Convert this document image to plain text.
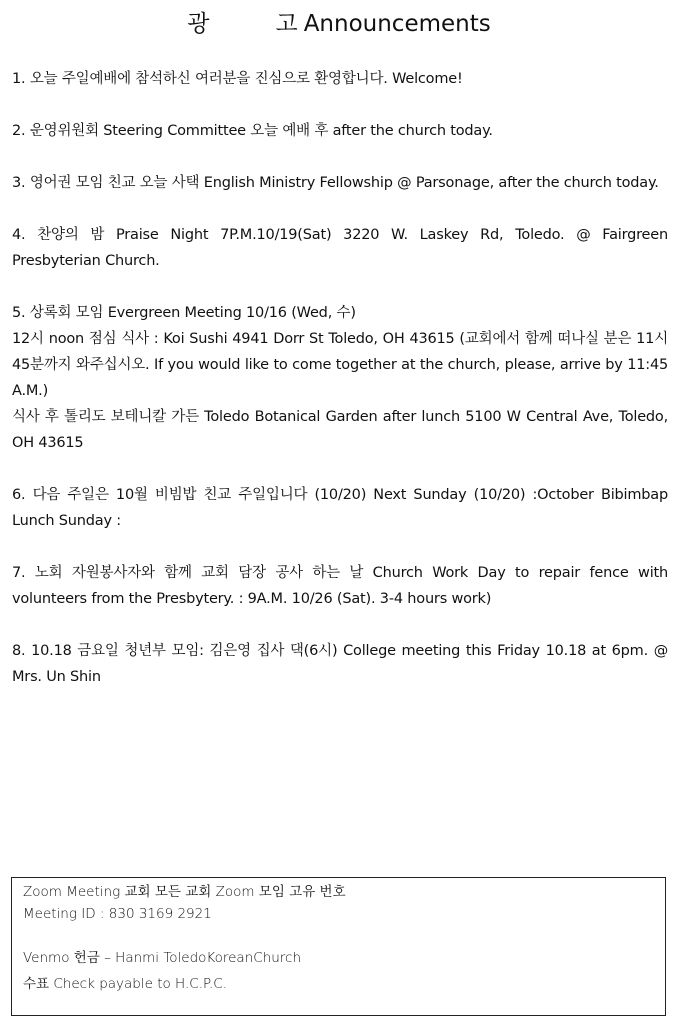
광	고 Announcements

1. 오늘 주일예배에 참석하신 여러분을 진심으로 환영합니다. Welcome!

2. 운영위원회 Steering Committee 오늘 예배 후 after the church today.

3. 영어권 모임 친교 오늘 사택 English Ministry Fellowship @ Parsonage, after the church today.

4. 찬양의 밤 Praise Night 7P.M.10/19(Sat) 3220 W. Laskey Rd, Toledo. @ Fairgreen Presbyterian Church.

5. 상록회 모임 Evergreen Meeting 10/16 (Wed, 수)

12시 noon 점심 식사 : Koi Sushi 4941 Dorr St Toledo, OH 43615 (교회에서 함께 떠나실 분은 11시45분까지 와주십시오. If you would like to come together at the church, please, arrive by 11:45 A.M.)

식사 후 톨리도 보테니칼 가든 Toledo Botanical Garden after lunch 5100 W Central Ave, Toledo, OH 43615

6. 다음 주일은 10월 비빔밥 친교 주일입니다 (10/20) Next Sunday (10/20) :October Bibimbap Lunch Sunday :

7. 노회 자원봉사자와 함께 교회 담장 공사 하는 날 Church Work Day to repair fence with volunteers from the Presbytery. : 9A.M. 10/26 (Sat). 3-4 hours work)

8. 10.18 금요일 청년부 모임: 김은영 집사 댁(6시) College meeting this Friday 10.18 at 6pm. @ Mrs. Un Shin

Zoom Meeting 교회 모든 교회 Zoom 모임 고유 번호

Meeting ID : 830 3169 2921

Venmo 헌금 – Hanmi ToledoKoreanChurch

수표 Check payable to H.C.P.C.
